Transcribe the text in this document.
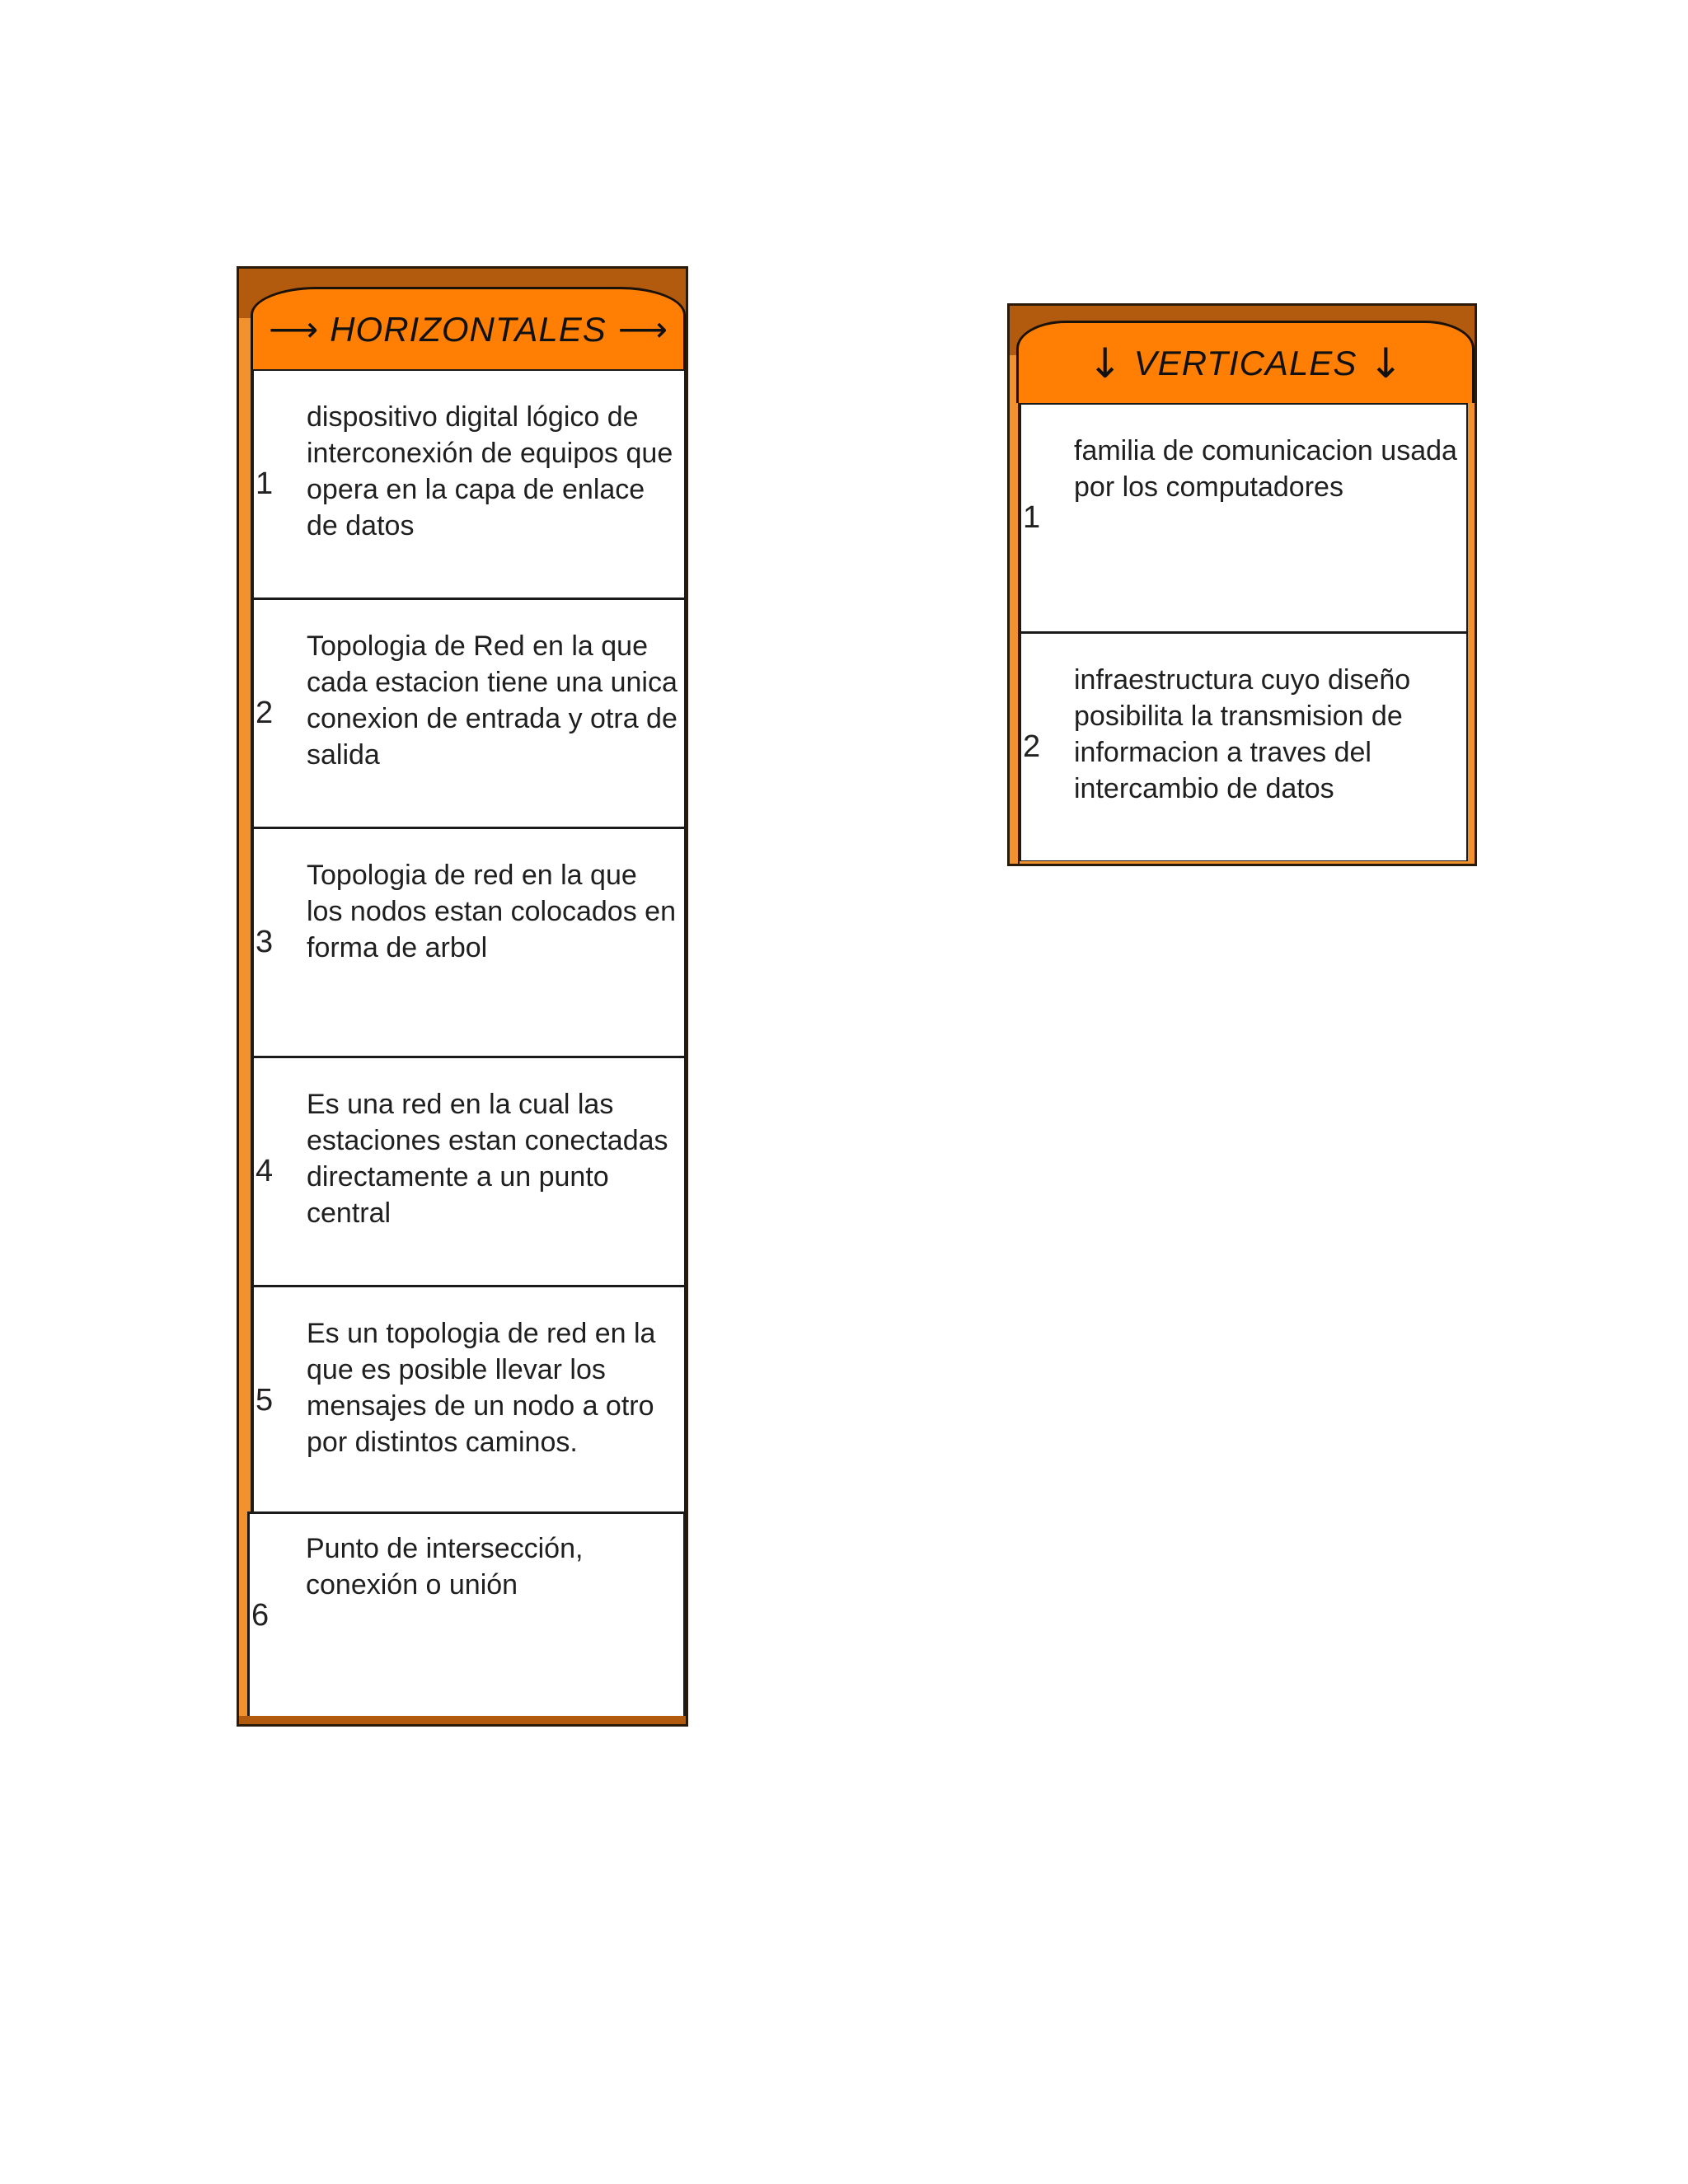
⟶ HORIZONTALES ⟶
1
dispositivo digital lógico de interconexión de equipos que opera en la capa de enlace de datos
2
Topologia de Red en la que cada estacion tiene una unica conexion de entrada y otra de salida
3
Topologia de red en la que los nodos estan colocados en forma de arbol
4
Es una red en la cual las estaciones estan conectadas directamente a un punto central
5
Es un topologia de red en la que es posible llevar los mensajes de un nodo a otro por distintos caminos.
6
Punto de intersección, conexión o unión
↓ VERTICALES ↓
1
familia de comunicacion usada por los computadores
2
infraestructura cuyo diseño posibilita la transmision de informacion a traves del intercambio de datos
